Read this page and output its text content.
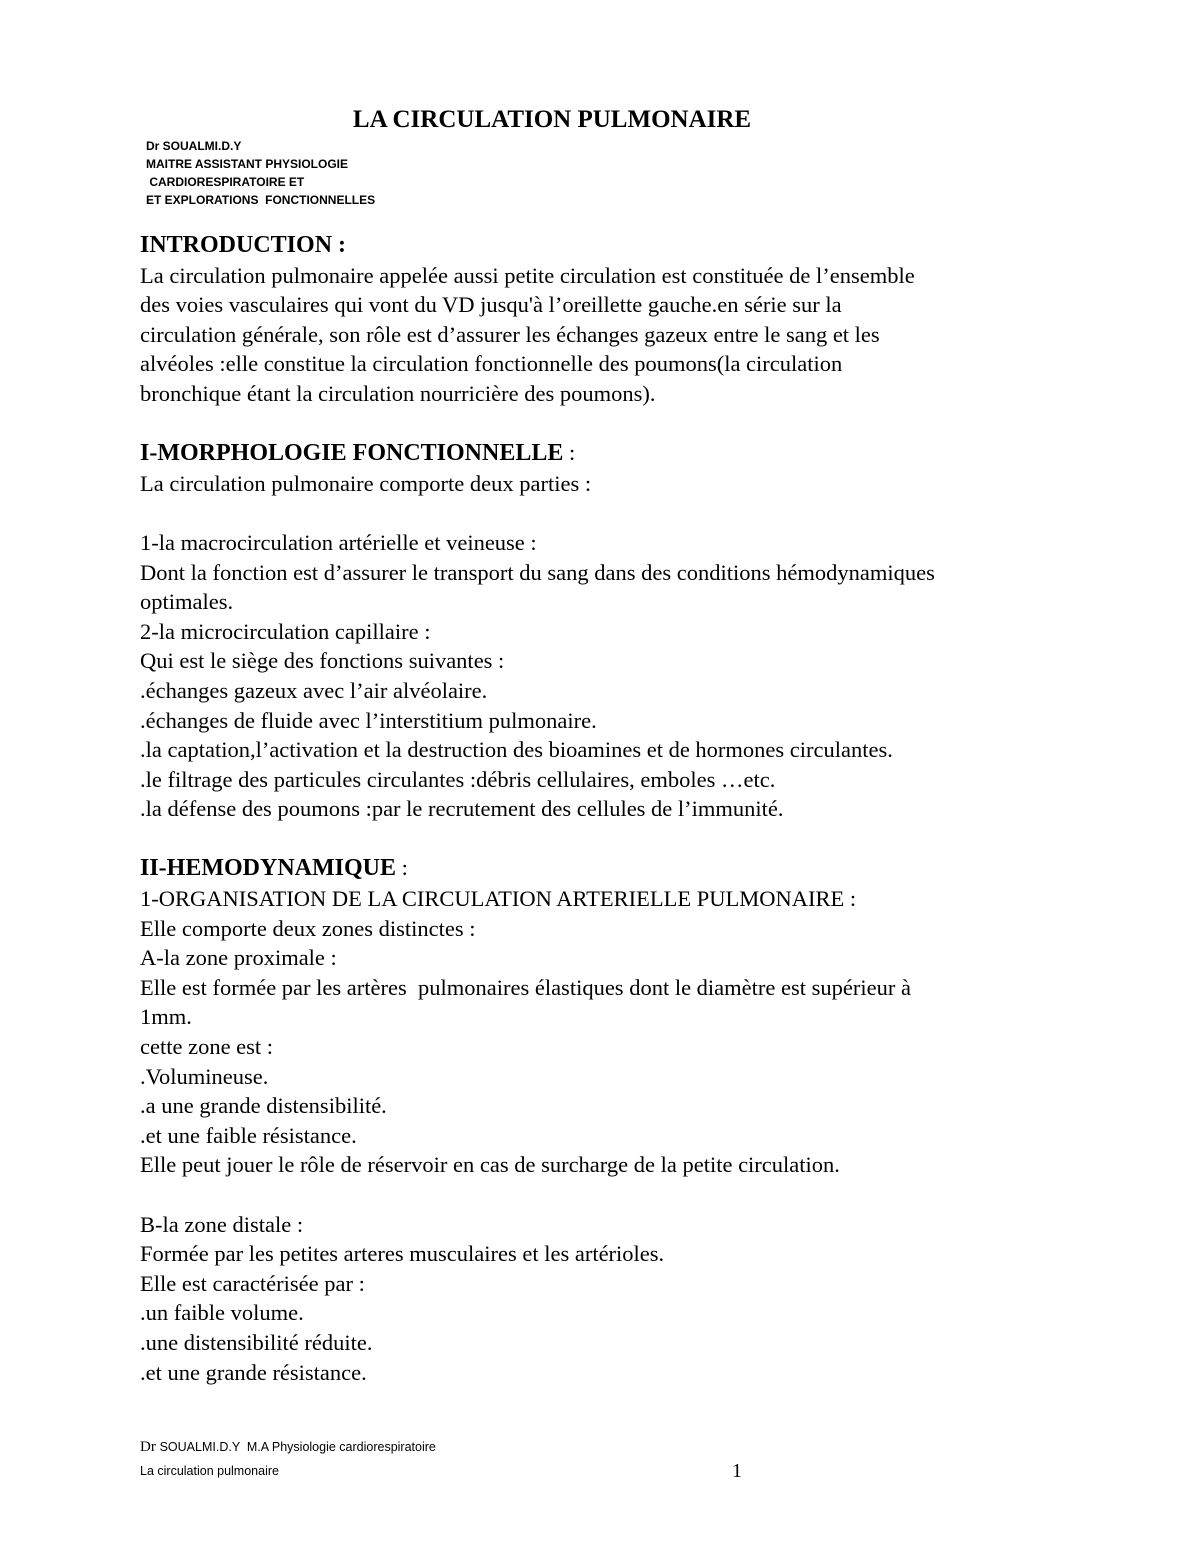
LA CIRCULATION PULMONAIRE
Dr SOUALMI.D.Y
MAITRE ASSISTANT PHYSIOLOGIE
CARDIORESPIRATOIRE ET
ET EXPLORATIONS  FONCTIONNELLES
INTRODUCTION :
La circulation pulmonaire appelée aussi petite circulation est constituée de l’ensemble
des voies vasculaires qui vont du VD jusqu'à l’oreillette gauche.en série sur la
circulation générale, son rôle est d’assurer les échanges gazeux entre le sang et les
alvéoles :elle constitue la circulation fonctionnelle des poumons(la circulation
bronchique étant la circulation nourricière des poumons).
I-MORPHOLOGIE FONCTIONNELLE :
La circulation pulmonaire comporte deux parties :
1-la macrocirculation artérielle et veineuse :
Dont la fonction est d’assurer le transport du sang dans des conditions hémodynamiques
optimales.
2-la microcirculation capillaire :
Qui est le siège des fonctions suivantes :
.échanges gazeux avec l’air alvéolaire.
.échanges de fluide avec l’interstitium pulmonaire.
.la captation,l’activation et la destruction des bioamines et de hormones circulantes.
.le filtrage des particules circulantes :débris cellulaires, emboles …etc.
.la défense des poumons :par le recrutement des cellules de l’immunité.
II-HEMODYNAMIQUE :
1-ORGANISATION DE LA CIRCULATION ARTERIELLE PULMONAIRE :
Elle comporte deux zones distinctes :
A-la zone proximale :
Elle est formée par les artères  pulmonaires élastiques dont le diamètre est supérieur à
1mm.
cette zone est :
.Volumineuse.
.a une grande distensibilité.
.et une faible résistance.
Elle peut jouer le rôle de réservoir en cas de surcharge de la petite circulation.
B-la zone distale :
Formée par les petites arteres musculaires et les artérioles.
Elle est caractérisée par :
.un faible volume.
.une distensibilité réduite.
.et une grande résistance.
Dr SOUALMI.D.Y  M.A Physiologie cardiorespiratoire
La circulation pulmonaire	1
